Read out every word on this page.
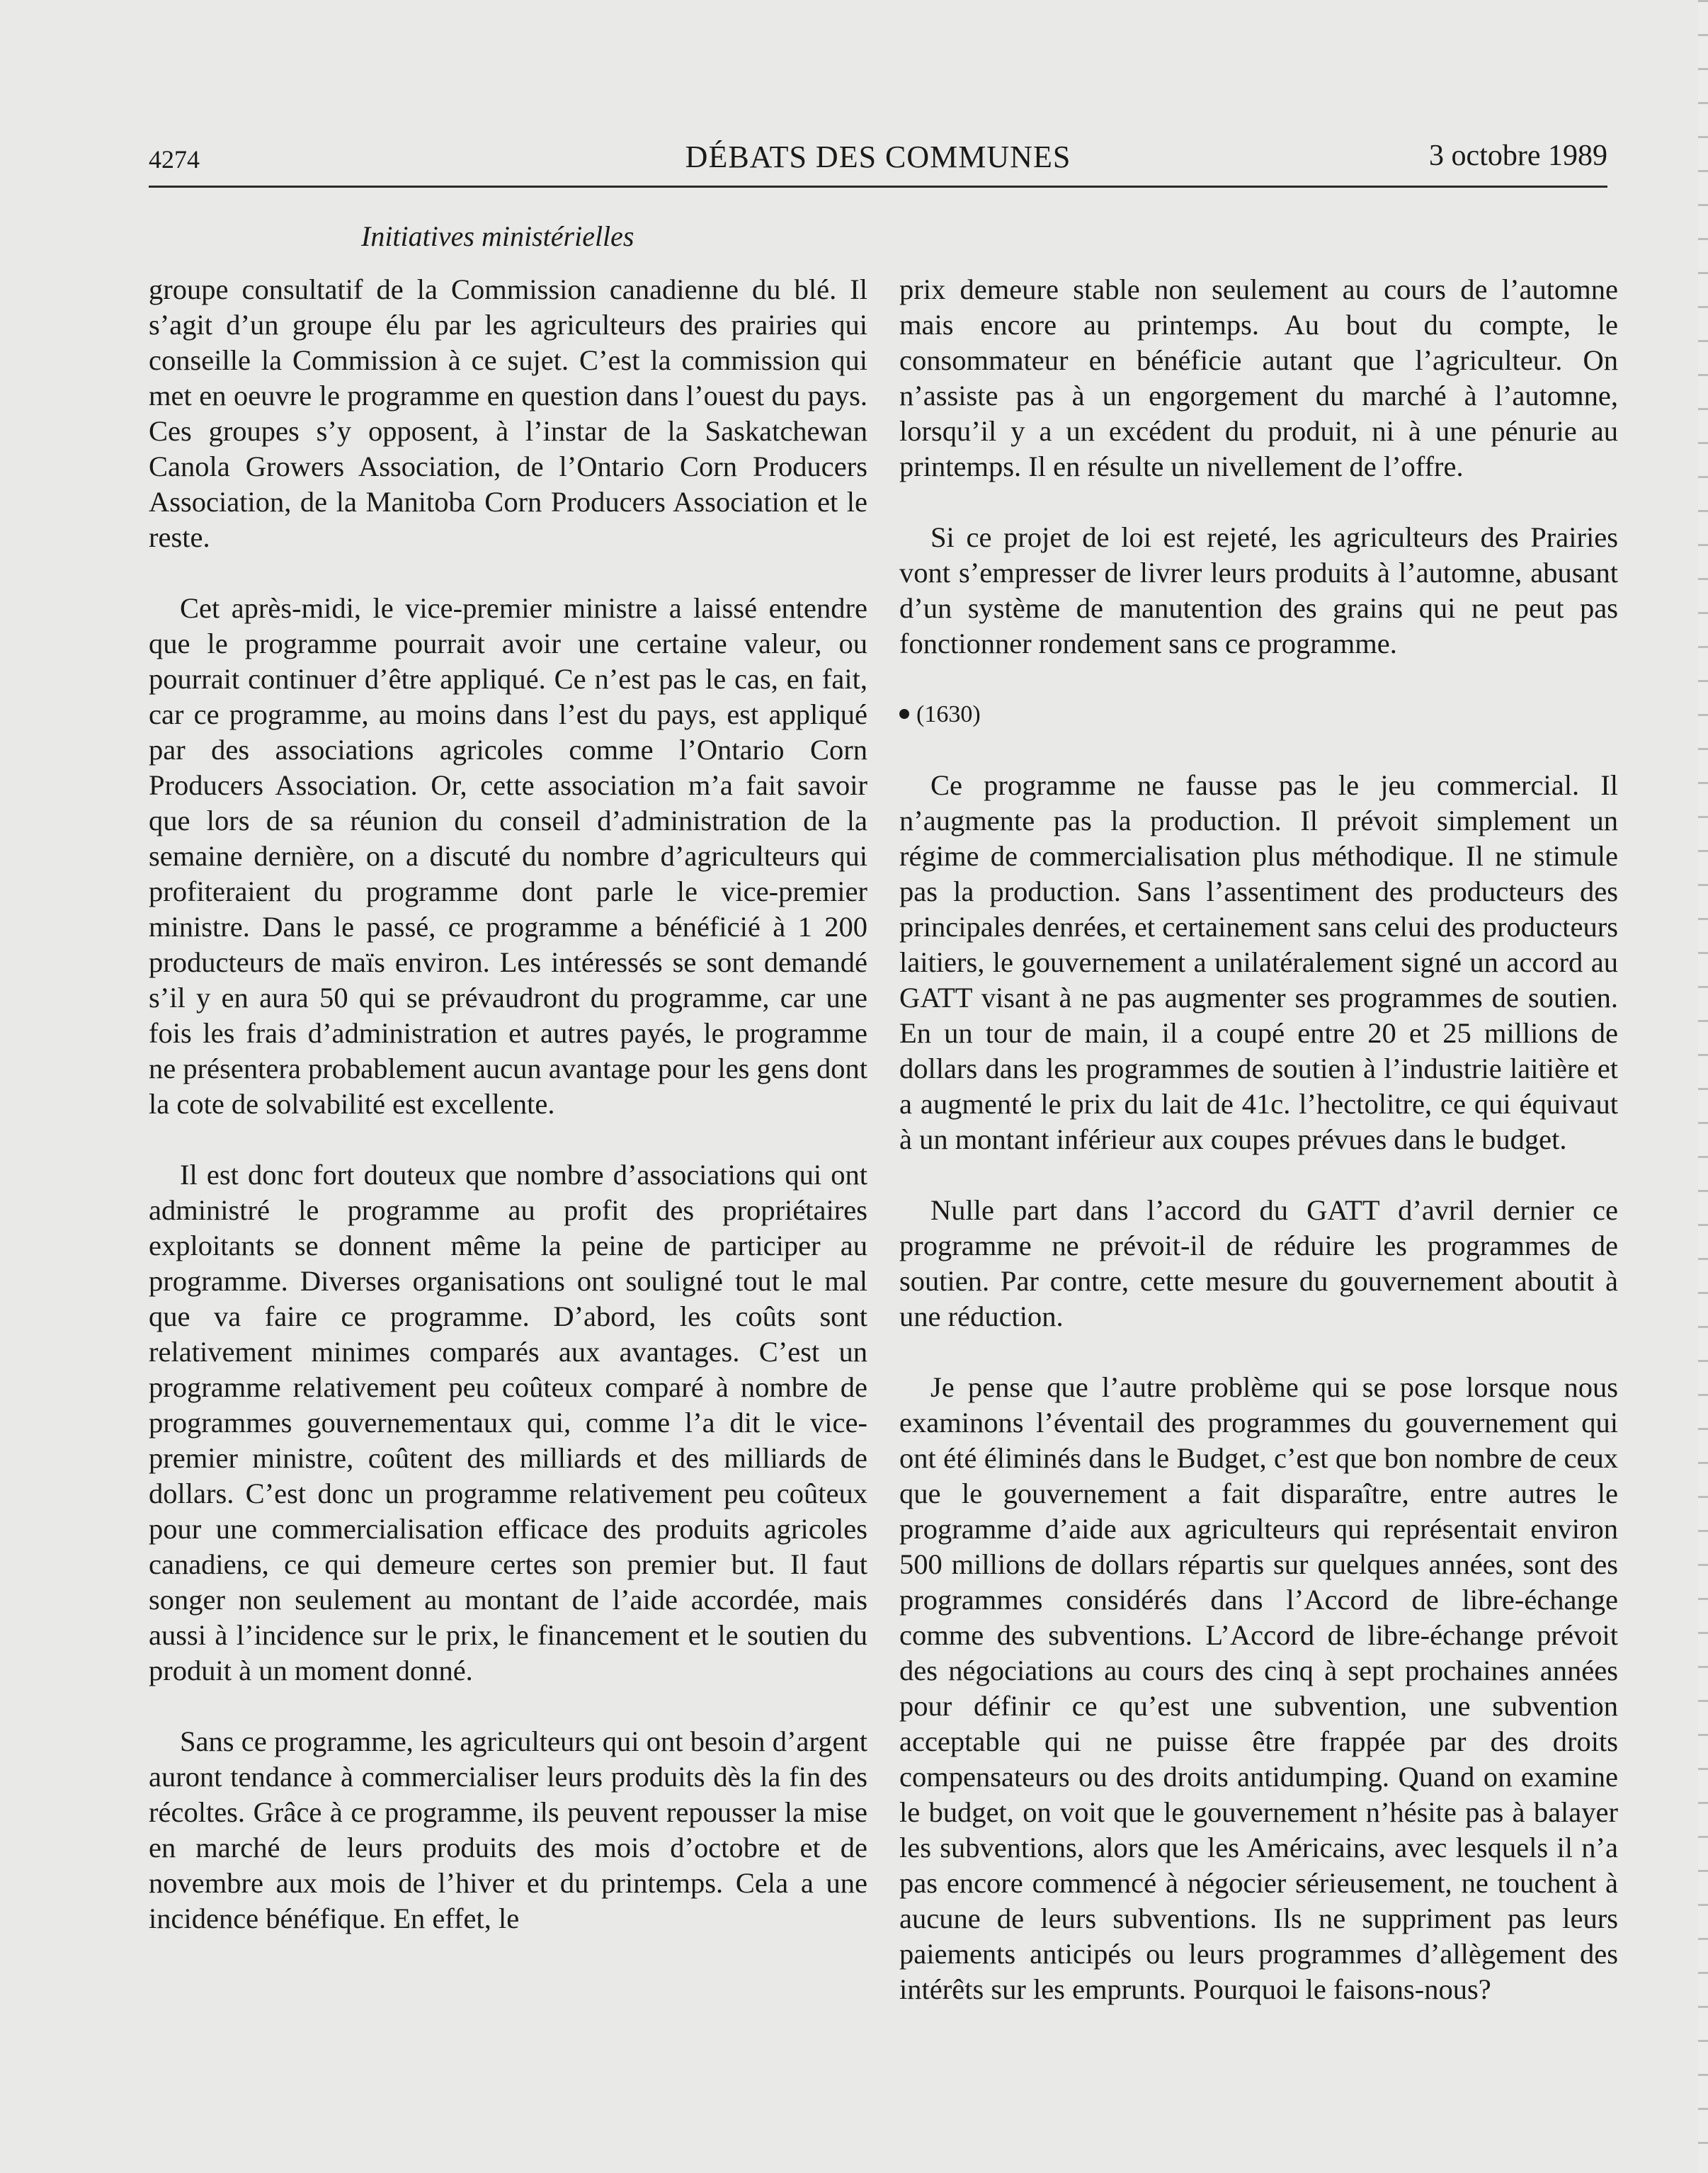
4274	DÉBATS DES COMMUNES	3 octobre 1989
Initiatives ministérielles

groupe consultatif de la Commission canadienne du blé. Il s’agit d’un groupe élu par les agriculteurs des prairies qui conseille la Commission à ce sujet. C’est la commission qui met en oeuvre le programme en question dans l’ouest du pays. Ces groupes s’y opposent, à l’instar de la Saskatchewan Canola Growers Association, de l’Ontario Corn Producers Association, de la Manitoba Corn Producers Association et le reste.

Cet après-midi, le vice-premier ministre a laissé entendre que le programme pourrait avoir une certaine valeur, ou pourrait continuer d’être appliqué. Ce n’est pas le cas, en fait, car ce programme, au moins dans l’est du pays, est appliqué par des associations agricoles comme l’Ontario Corn Producers Association. Or, cette association m’a fait savoir que lors de sa réunion du conseil d’administration de la semaine dernière, on a discuté du nombre d’agriculteurs qui profiteraient du programme dont parle le vice-premier ministre. Dans le passé, ce programme a bénéficié à 1 200 producteurs de maïs environ. Les intéressés se sont demandé s’il y en aura 50 qui se prévaudront du programme, car une fois les frais d’administration et autres payés, le programme ne présentera probablement aucun avantage pour les gens dont la cote de solvabilité est excellente.

Il est donc fort douteux que nombre d’associations qui ont administré le programme au profit des propriétaires exploitants se donnent même la peine de participer au programme. Diverses organisations ont souligné tout le mal que va faire ce programme. D’abord, les coûts sont relativement minimes comparés aux avantages. C’est un programme relativement peu coûteux comparé à nombre de programmes gouvernementaux qui, comme l’a dit le vice-premier ministre, coûtent des milliards et des milliards de dollars. C’est donc un programme relativement peu coûteux pour une commercialisation efficace des produits agricoles canadiens, ce qui demeure certes son premier but. Il faut songer non seulement au montant de l’aide accordée, mais aussi à l’incidence sur le prix, le financement et le soutien du produit à un moment donné.

Sans ce programme, les agriculteurs qui ont besoin d’argent auront tendance à commercialiser leurs produits dès la fin des récoltes. Grâce à ce programme, ils peuvent repousser la mise en marché de leurs produits des mois d’octobre et de novembre aux mois de l’hiver et du printemps. Cela a une incidence bénéfique. En effet, le

prix demeure stable non seulement au cours de l’automne mais encore au printemps. Au bout du compte, le consommateur en bénéficie autant que l’agriculteur. On n’assiste pas à un engorgement du marché à l’automne, lorsqu’il y a un excédent du produit, ni à une pénurie au printemps. Il en résulte un nivellement de l’offre.

Si ce projet de loi est rejeté, les agriculteurs des Prairies vont s’empresser de livrer leurs produits à l’automne, abusant d’un système de manutention des grains qui ne peut pas fonctionner rondement sans ce programme.

(1630)

Ce programme ne fausse pas le jeu commercial. Il n’augmente pas la production. Il prévoit simplement un régime de commercialisation plus méthodique. Il ne stimule pas la production. Sans l’assentiment des producteurs des principales denrées, et certainement sans celui des producteurs laitiers, le gouvernement a unilatéralement signé un accord au GATT visant à ne pas augmenter ses programmes de soutien. En un tour de main, il a coupé entre 20 et 25 millions de dollars dans les programmes de soutien à l’industrie laitière et a augmenté le prix du lait de 41c. l’hectolitre, ce qui équivaut à un montant inférieur aux coupes prévues dans le budget.

Nulle part dans l’accord du GATT d’avril dernier ce programme ne prévoit-il de réduire les programmes de soutien. Par contre, cette mesure du gouvernement aboutit à une réduction.

Je pense que l’autre problème qui se pose lorsque nous examinons l’éventail des programmes du gouvernement qui ont été éliminés dans le Budget, c’est que bon nombre de ceux que le gouvernement a fait disparaître, entre autres le programme d’aide aux agriculteurs qui représentait environ 500 millions de dollars répartis sur quelques années, sont des programmes considérés dans l’Accord de libre-échange comme des subventions. L’Accord de libre-échange prévoit des négociations au cours des cinq à sept prochaines années pour définir ce qu’est une subvention, une subvention acceptable qui ne puisse être frappée par des droits compensateurs ou des droits antidumping. Quand on examine le budget, on voit que le gouvernement n’hésite pas à balayer les subventions, alors que les Américains, avec lesquels il n’a pas encore commencé à négocier sérieusement, ne touchent à aucune de leurs subventions. Ils ne suppriment pas leurs paiements anticipés ou leurs programmes d’allègement des intérêts sur les emprunts. Pourquoi le faisons-nous?
